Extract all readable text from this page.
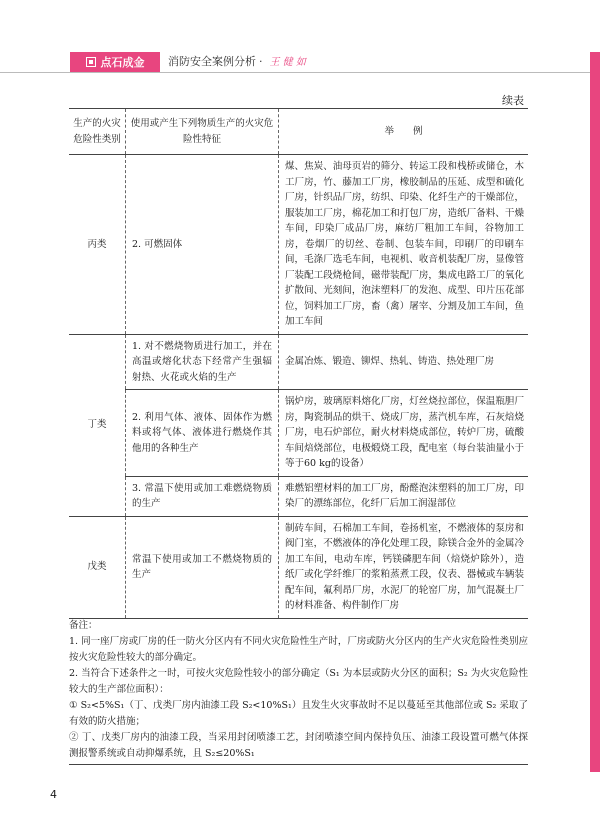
点石成金 消防安全案例分析 · 王 健 如
续表
生产的火灾危险性类别	使用或产生下列物质生产的火灾危险性特征	举　　例
丙类	2. 可燃固体	煤、焦炭、油母页岩的筛分、转运工段和栈桥或储仓，木工厂房，竹、藤加工厂房，橡胶制品的压延、成型和硫化厂房，针织品厂房，纺织、印染、化纤生产的干燥部位，服装加工厂房，棉花加工和打包厂房，造纸厂备料、干燥车间，印染厂成品厂房，麻纺厂粗加工车间，谷物加工房，卷烟厂的切丝、卷制、包装车间，印刷厂的印刷车间，毛涤厂选毛车间，电视机、收音机装配厂房，显像管厂装配工段烧枪间，磁带装配厂房，集成电路工厂的氧化扩散间、光刻间，泡沫塑料厂的发泡、成型、印片压花部位，饲料加工厂房，畜（禽）屠宰、分割及加工车间，鱼加工车间
丁类	1. 对不燃烧物质进行加工，并在高温或熔化状态下经常产生强辐射热、火花或火焰的生产	金属冶炼、锻造、铆焊、热轧、铸造、热处理厂房
	2. 利用气体、液体、固体作为燃料或将气体、液体进行燃烧作其他用的各种生产	锅炉房，玻璃原料熔化厂房，灯丝烧拉部位，保温瓶胆厂房，陶瓷制品的烘干、烧成厂房，蒸汽机车库，石灰焙烧厂房，电石炉部位，耐火材料烧成部位，转炉厂房，硫酸车间焙烧部位，电极煅烧工段，配电室（每台装油量小于等于60 kg的设备）
	3. 常温下使用或加工难燃烧物质的生产	难燃铝塑材料的加工厂房，酚醛泡沫塑料的加工厂房，印染厂的漂练部位，化纤厂后加工润湿部位
戊类	常温下使用或加工不燃烧物质的生产	制砖车间，石棉加工车间，卷扬机室，不燃液体的泵房和阀门室，不燃液体的净化处理工段，除镁合金外的金属冷加工车间，电动车库，钙镁磷肥车间（焙烧炉除外），造纸厂或化学纤维厂的浆粕蒸煮工段，仪表、器械或车辆装配车间，氟利昂厂房，水泥厂的轮窑厂房，加气混凝土厂的材料准备、构件制作厂房

备注：

1. 同一座厂房或厂房的任一防火分区内有不同火灾危险性生产时，厂房或防火分区内的生产火灾危险性类别应按火灾危险性较大的部分确定。

2. 当符合下述条件之一时，可按火灾危险性较小的部分确定（S₁ 为本层或防火分区的面积；S₂ 为火灾危险性较大的生产部位面积）：

① S₂<5%S₁（丁、戊类厂房内油漆工段 S₂<10%S₁）且发生火灾事故时不足以蔓延至其他部位或 S₂ 采取了有效的防火措施；

② 丁、戊类厂房内的油漆工段，当采用封闭喷漆工艺，封闭喷漆空间内保持负压、油漆工段设置可燃气体探测报警系统或自动抑爆系统，且 S₂≤20%S₁

4
